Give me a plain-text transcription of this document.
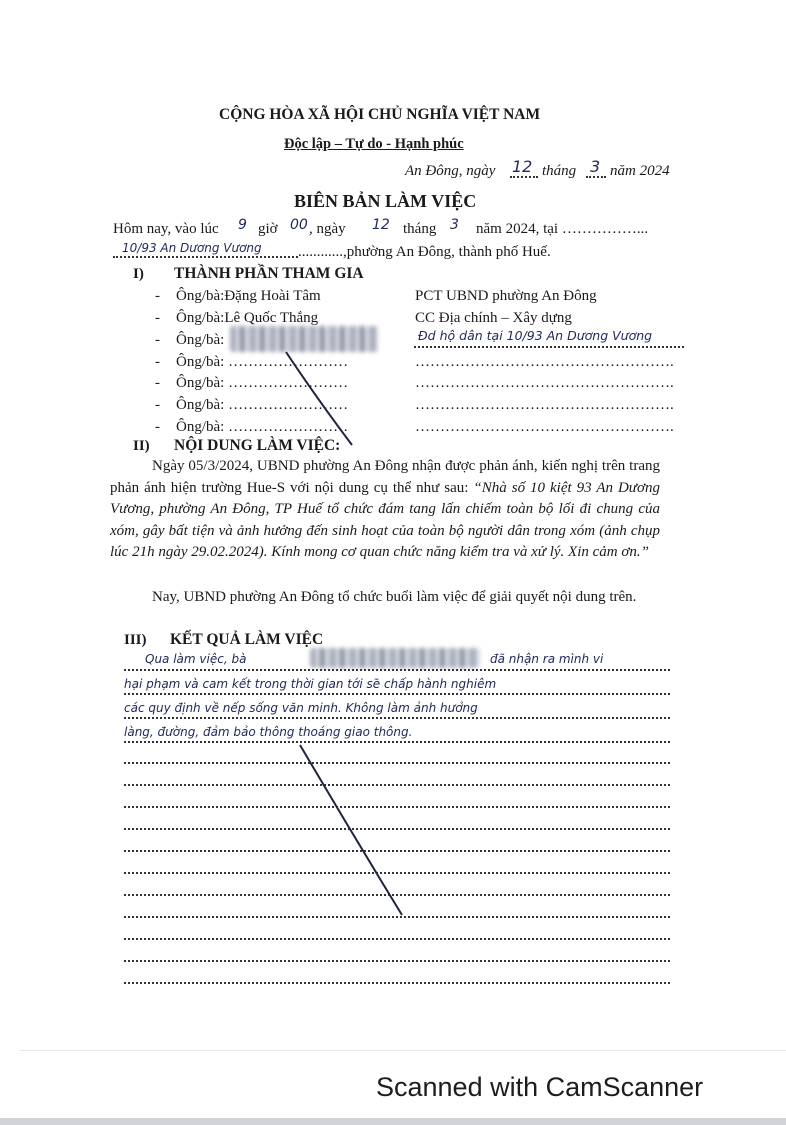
CỘNG HÒA XÃ HỘI CHỦ NGHĨA VIỆT NAM
Độc lập – Tự do - Hạnh phúc
An Đông, ngày 12 tháng 3 năm 2024
BIÊN BẢN LÀM VIỆC
Hôm nay, vào lúc 9 giờ 00 , ngày 12 tháng 3 năm 2024, tại ……………...
10/93 An Dương Vương ............,phường An Đông, thành phố Huế.
I) THÀNH PHẦN THAM GIA
- Ông/bà:Đặng Hoài Tâm	PCT UBND phường An Đông
- Ông/bà:Lê Quốc Thắng	CC Địa chính – Xây dựng
- Ông/bà:	Đd hộ dân tại 10/93 An Dương Vương
- Ông/bà: ……………………	…………………………………………….
- Ông/bà: ……………………	…………………………………………….
- Ông/bà: ……………………	…………………………………………….
- Ông/bà: ……………………	…………………………………………….
II) NỘI DUNG LÀM VIỆC:
Ngày 05/3/2024, UBND phường An Đông nhận được phản ánh, kiến nghị trên trang phản ánh hiện trường Hue-S với nội dung cụ thể như sau: “Nhà số 10 kiệt 93 An Dương Vương, phường An Đông, TP Huế tổ chức đám tang lấn chiếm toàn bộ lối đi chung của xóm, gây bất tiện và ảnh hưởng đến sinh hoạt của toàn bộ người dân trong xóm (ảnh chụp lúc 21h ngày 29.02.2024). Kính mong cơ quan chức năng kiểm tra và xử lý. Xin cảm ơn.”
Nay, UBND phường An Đông tổ chức buổi làm việc để giải quyết nội dung trên.
III) KẾT QUẢ LÀM VIỆC
Qua làm việc, bà	đã nhận ra mình vi
hại phạm và cam kết trong thời gian tới sẽ chấp hành nghiêm
các quy định về nếp sống văn minh. Không làm ảnh hưởng
làng, đường, đảm bảo thông thoáng giao thông.
Scanned with CamScanner
